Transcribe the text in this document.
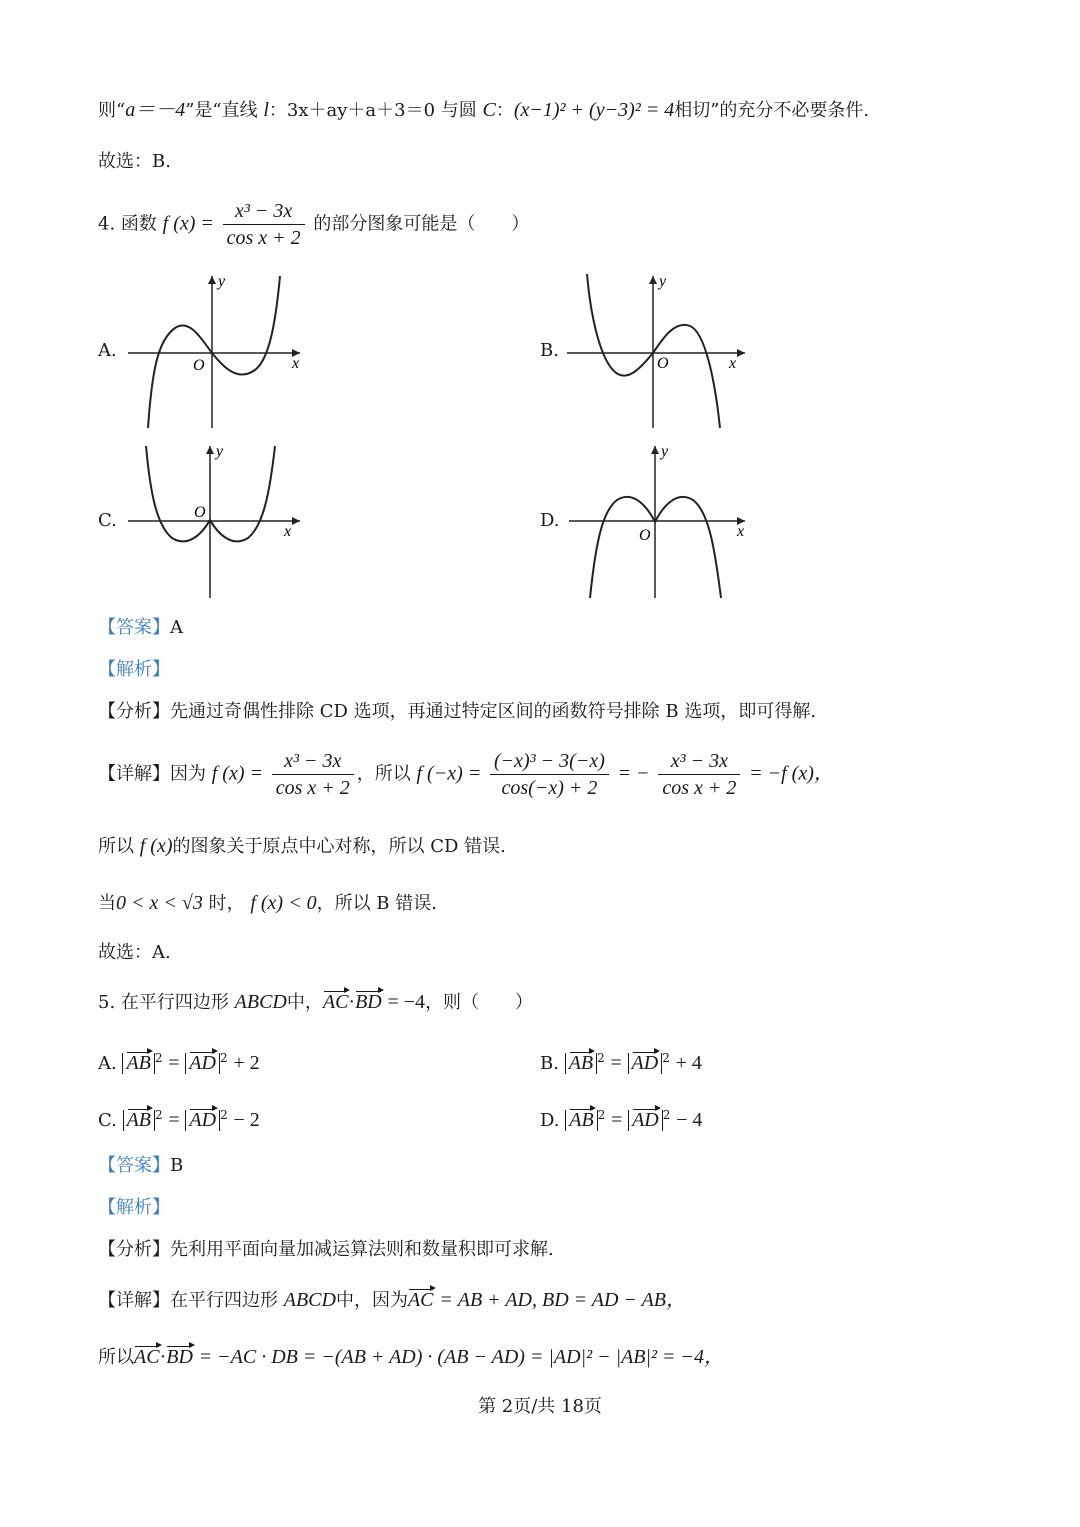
则“a＝－4”是“直线 l：3x＋ay＋a＋3＝0 与圆 C：(x−1)² + (y−3)² = 4相切”的充分不必要条件.
故选：B.
4. 函数 f $(x) = \frac{\text{x³ − 3x}}{\text{cos x + 2}}$ 的部分图象可能是（　　）
A.
x
y
O
B.
x
y
O
C.
x
y
O	D.
x
y
O
【答案】A
【解析】
【分析】先通过奇偶性排除 CD 选项，再通过特定区间的函数符号排除 B 选项，即可得解.
【详解】因为 f $(x) = \frac{\text{x³ − 3x}}{\text{cos x + 2}}$ ，所以 f $(-x) = \frac{\text{(−x)³ − 3(−x)}}{\cos(-x) + 2}$ = − $\frac{\text{x³ − 3x}}{\text{cos x + 2}} = -f$ (x)，
所以 f (x)的图象关于原点中心对称，所以 CD 错误.
当0 < x < √3 时， f (x) < 0，所以 B 错误.
故选：A.
5. 在平行四边形 ABCD中，AC·BD = −4，则（　　）
A. AB $^2$ = AD $^2$ + 2	B. AB $^2$ = AD $^2$ + 4
C. AB $^2$ = AD $^2$ − 2	D. AB $^2$ = AD $^2$ − 4
【答案】B
【解析】
【分析】先利用平面向量加减运算法则和数量积即可求解.
【详解】在平行四边形 ABCD中，因为AC = AB + AD, BD = AD − AB，
所以AC·BD = −AC · DB = −(AB + AD) · (AB − AD) = |AD|² − |AB|² = −4，
第 2页/共 18页
